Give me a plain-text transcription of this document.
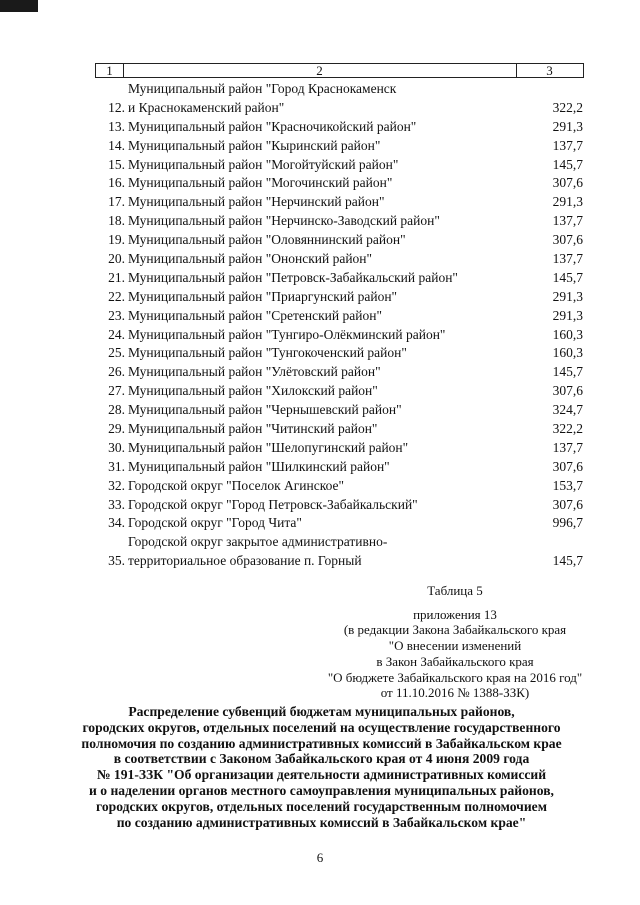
1	2	3
12.
Муниципальный район "Город Краснокаменск
и Краснокаменский район"	322,2
13. Муниципальный район "Красночикойский район"	291,3
14. Муниципальный район "Кыринский район"	137,7
15. Муниципальный район "Могойтуйский район"	145,7
16. Муниципальный район "Могочинский район"	307,6
17. Муниципальный район "Нерчинский район"	291,3
18. Муниципальный район "Нерчинско-Заводский район"	137,7
19. Муниципальный район "Оловяннинский район"	307,6
20. Муниципальный район "Ононский район"	137,7
21. Муниципальный район "Петровск-Забайкальский район"	145,7
22. Муниципальный район "Приаргунский район"	291,3
23. Муниципальный район "Сретенский район"	291,3
24. Муниципальный район "Тунгиро-Олёкминский район"	160,3
25. Муниципальный район "Тунгокоченский район"	160,3
26. Муниципальный район "Улётовский район"	145,7
27. Муниципальный район "Хилокский район"	307,6
28. Муниципальный район "Чернышевский район"	324,7
29. Муниципальный район "Читинский район"	322,2
30. Муниципальный район "Шелопугинский район"	137,7
31. Муниципальный район "Шилкинский район"	307,6
32. Городской округ "Поселок Агинское"	153,7
33. Городской округ "Город Петровск-Забайкальский"	307,6
34. Городской округ "Город Чита"	996,7
35.
Городской округ закрытое административно-
территориальное образование п. Горный	145,7
Таблица 5
приложения 13
(в редакции Закона Забайкальского края
"О внесении изменений
в Закон Забайкальского края
"О бюджете Забайкальского края на 2016 год"
от 11.10.2016 № 1388-ЗЗК)
Распределение субвенций бюджетам муниципальных районов,
городских округов, отдельных поселений на осуществление государственного
полномочия по созданию административных комиссий в Забайкальском крае
в соответствии с Законом Забайкальского края от 4 июня 2009 года
№ 191-ЗЗК "Об организации деятельности административных комиссий
и о наделении органов местного самоуправления муниципальных районов,
городских округов, отдельных поселений государственным полномочием
по созданию административных комиссий в Забайкальском крае"
6
